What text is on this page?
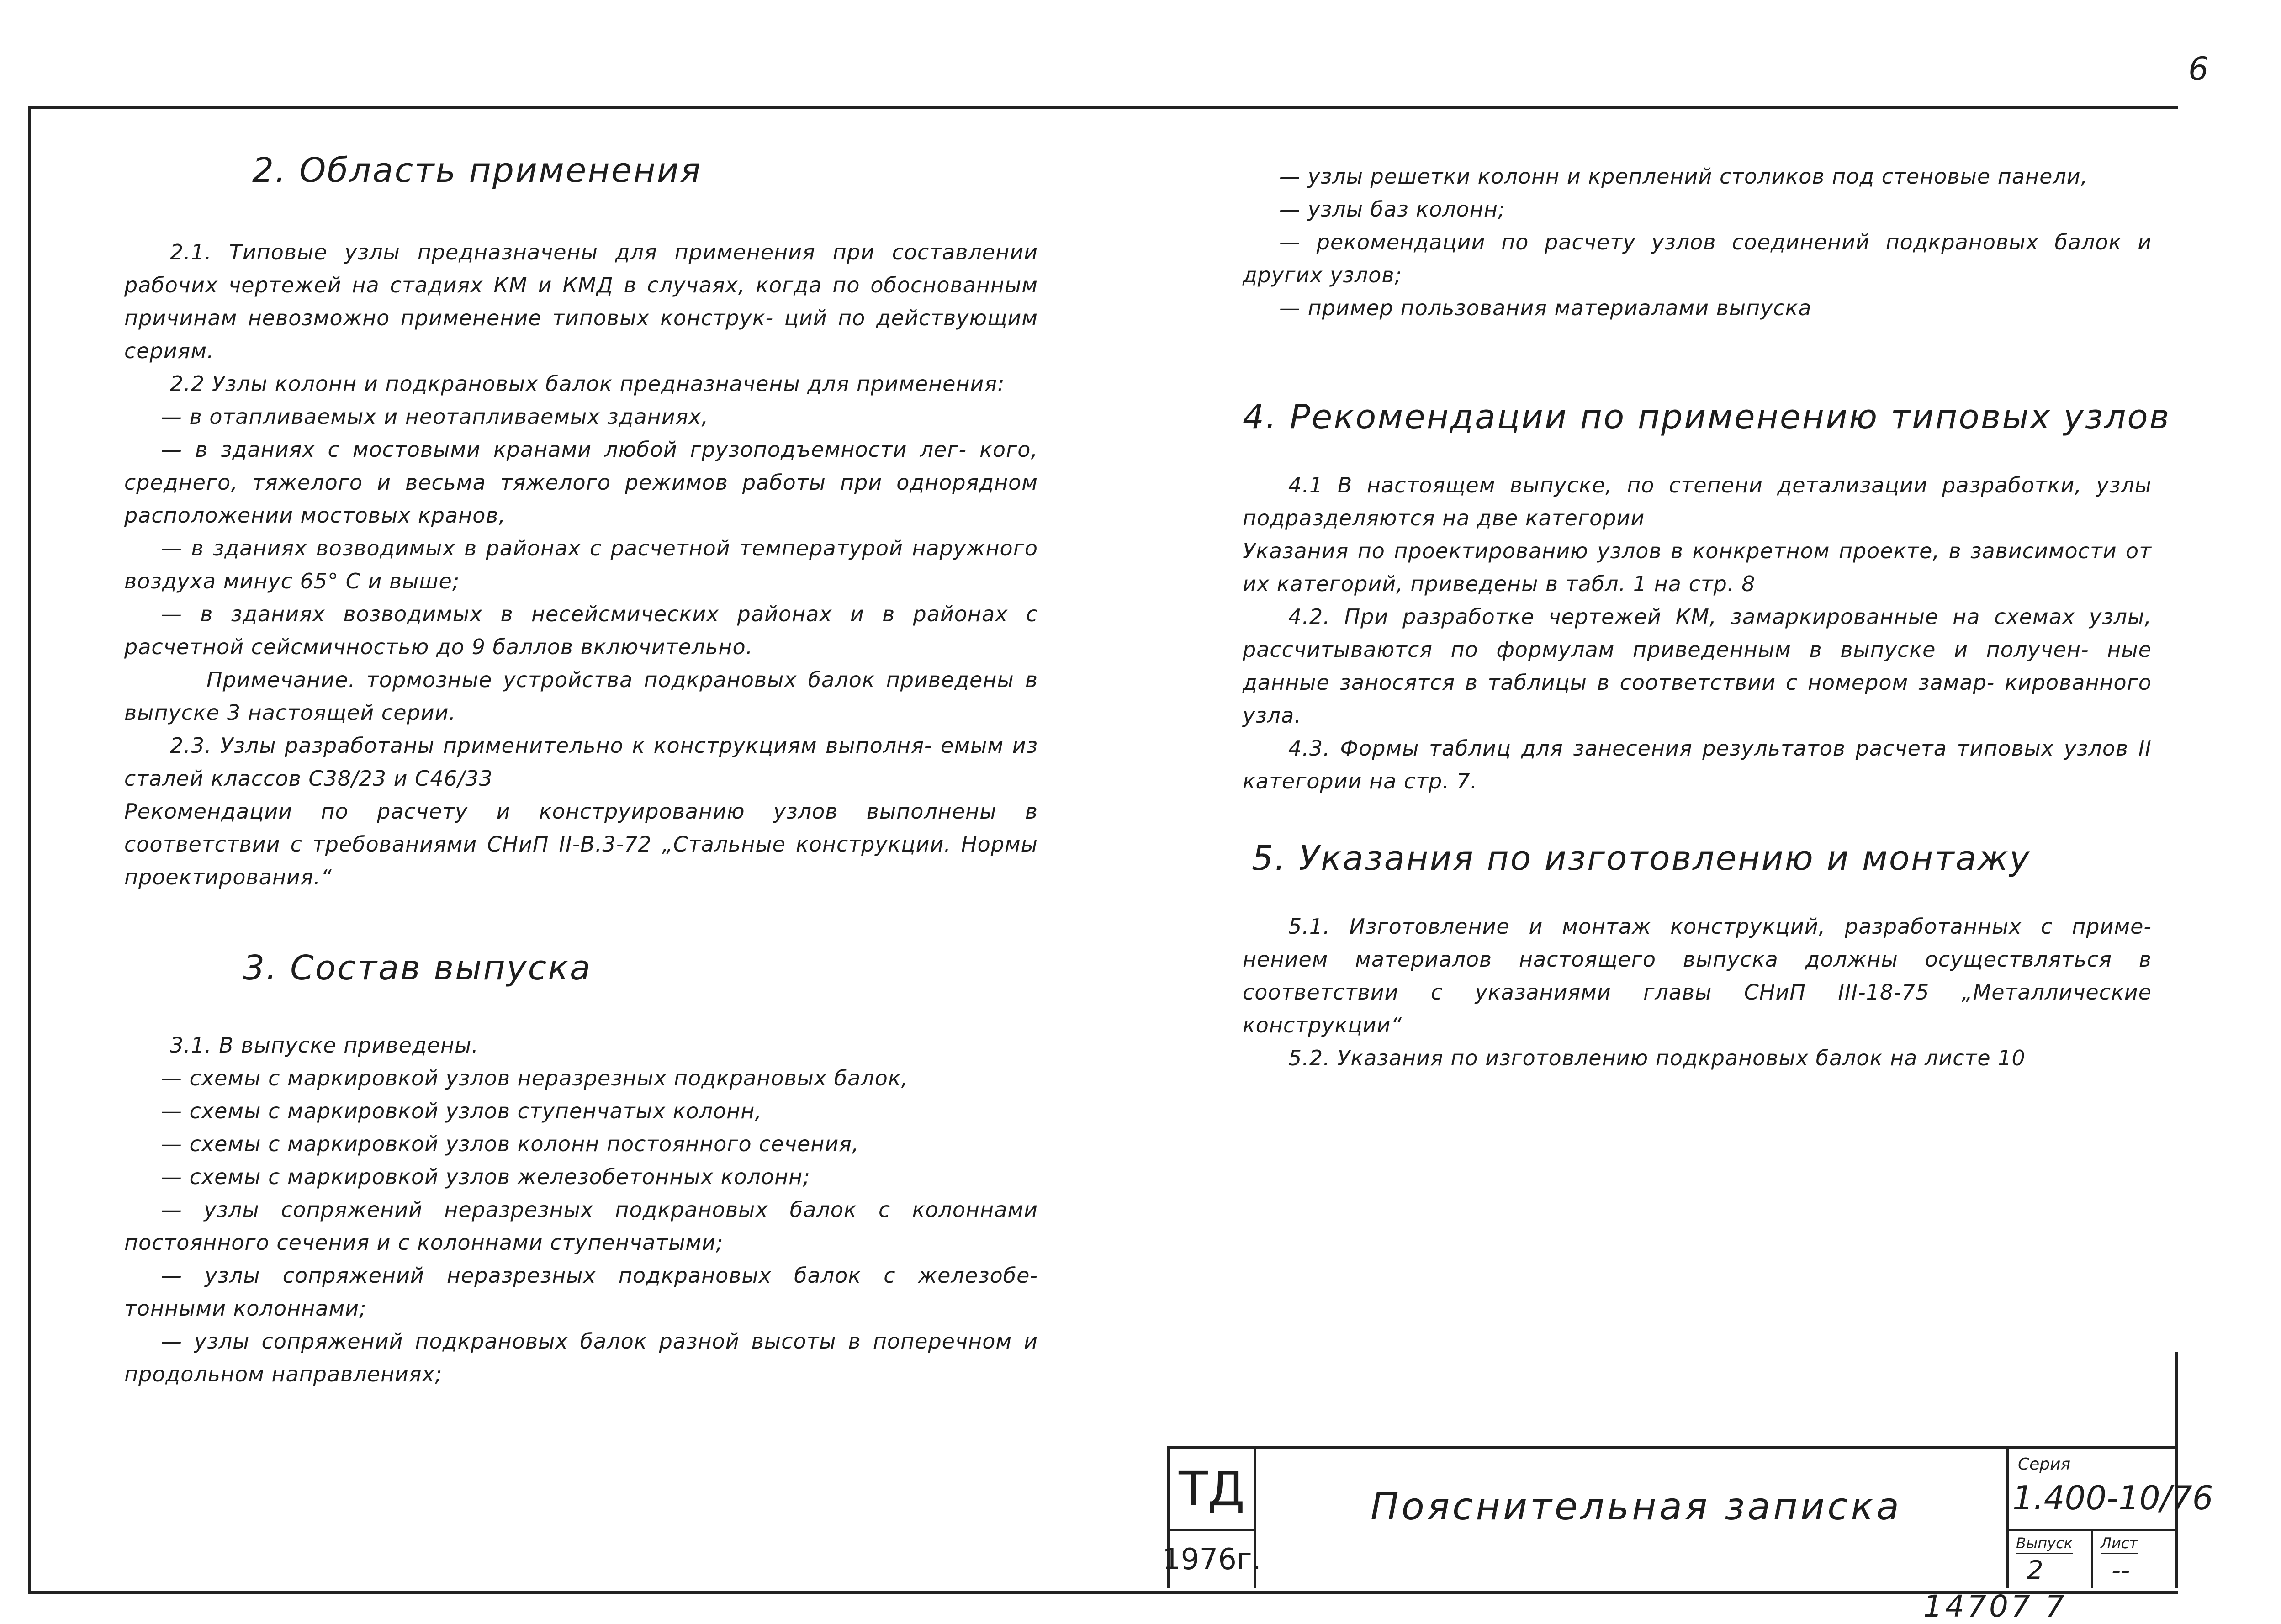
6

2. Область применения

2.1. Типовые узлы предназначены для применения при составлении рабочих чертежей на стадиях КМ и КМД в случаях, когда по обоснованным причинам невозможно применение типовых конструк- ций по действующим сериям.

2.2 Узлы колонн и подкрановых балок предназначены для применения:

— в отапливаемых и неотапливаемых зданиях,

— в зданиях с мостовыми кранами любой грузоподъемности лег- кого, среднего, тяжелого и весьма тяжелого режимов работы при однорядном расположении мостовых кранов,

— в зданиях возводимых в районах с расчетной температурой наружного воздуха минус 65° С и выше;

— в зданиях возводимых в несейсмических районах и в районах с расчетной сейсмичностью до 9 баллов включительно.

Примечание. тормозные устройства подкрановых балок приведены в выпуске 3 настоящей серии.

2.3. Узлы разработаны применительно к конструкциям выполня- емым из сталей классов С38/23 и С46/33

Рекомендации по расчету и конструированию узлов выполнены в соответствии с требованиями СНиП II-В.3-72 „Стальные конструкции. Нормы проектирования.“

3. Состав выпуска

3.1. В выпуске приведены.

— схемы с маркировкой узлов неразрезных подкрановых балок,

— схемы с маркировкой узлов ступенчатых колонн,

— схемы с маркировкой узлов колонн постоянного сечения,

— схемы с маркировкой узлов железобетонных колонн;

— узлы сопряжений неразрезных подкрановых балок с колоннами постоянного сечения и с колоннами ступенчатыми;

— узлы сопряжений неразрезных подкрановых балок с железобе- тонными колоннами;

— узлы сопряжений подкрановых балок разной высоты в поперечном и продольном направлениях;

— узлы решетки колонн и креплений столиков под стеновые панели,

— узлы баз колонн;

— рекомендации по расчету узлов соединений подкрановых балок и других узлов;

— пример пользования материалами выпуска

4. Рекомендации по применению типовых узлов

4.1 В настоящем выпуске, по степени детализации разработки, узлы подразделяются на две категории

Указания по проектированию узлов в конкретном проекте, в зависимости от их категорий, приведены в табл. 1 на стр. 8

4.2. При разработке чертежей КМ, замаркированные на схемах узлы, рассчитываются по формулам приведенным в выпуске и получен- ные данные заносятся в таблицы в соответствии с номером замар- кированного узла.

4.3. Формы таблиц для занесения результатов расчета типовых узлов II категории на стр. 7.

5. Указания по изготовлению и монтажу

5.1. Изготовление и монтаж конструкций, разработанных с приме- нением материалов настоящего выпуска должны осуществляться в соответствии с указаниями главы СНиП III-18-75 „Металлические конструкции“

5.2. Указания по изготовлению подкрановых балок на листе 10

ТД
1976г.
Пояснительная записка
Серия
1.400-10/76
Выпуск
2
Лист
--
14707 7
